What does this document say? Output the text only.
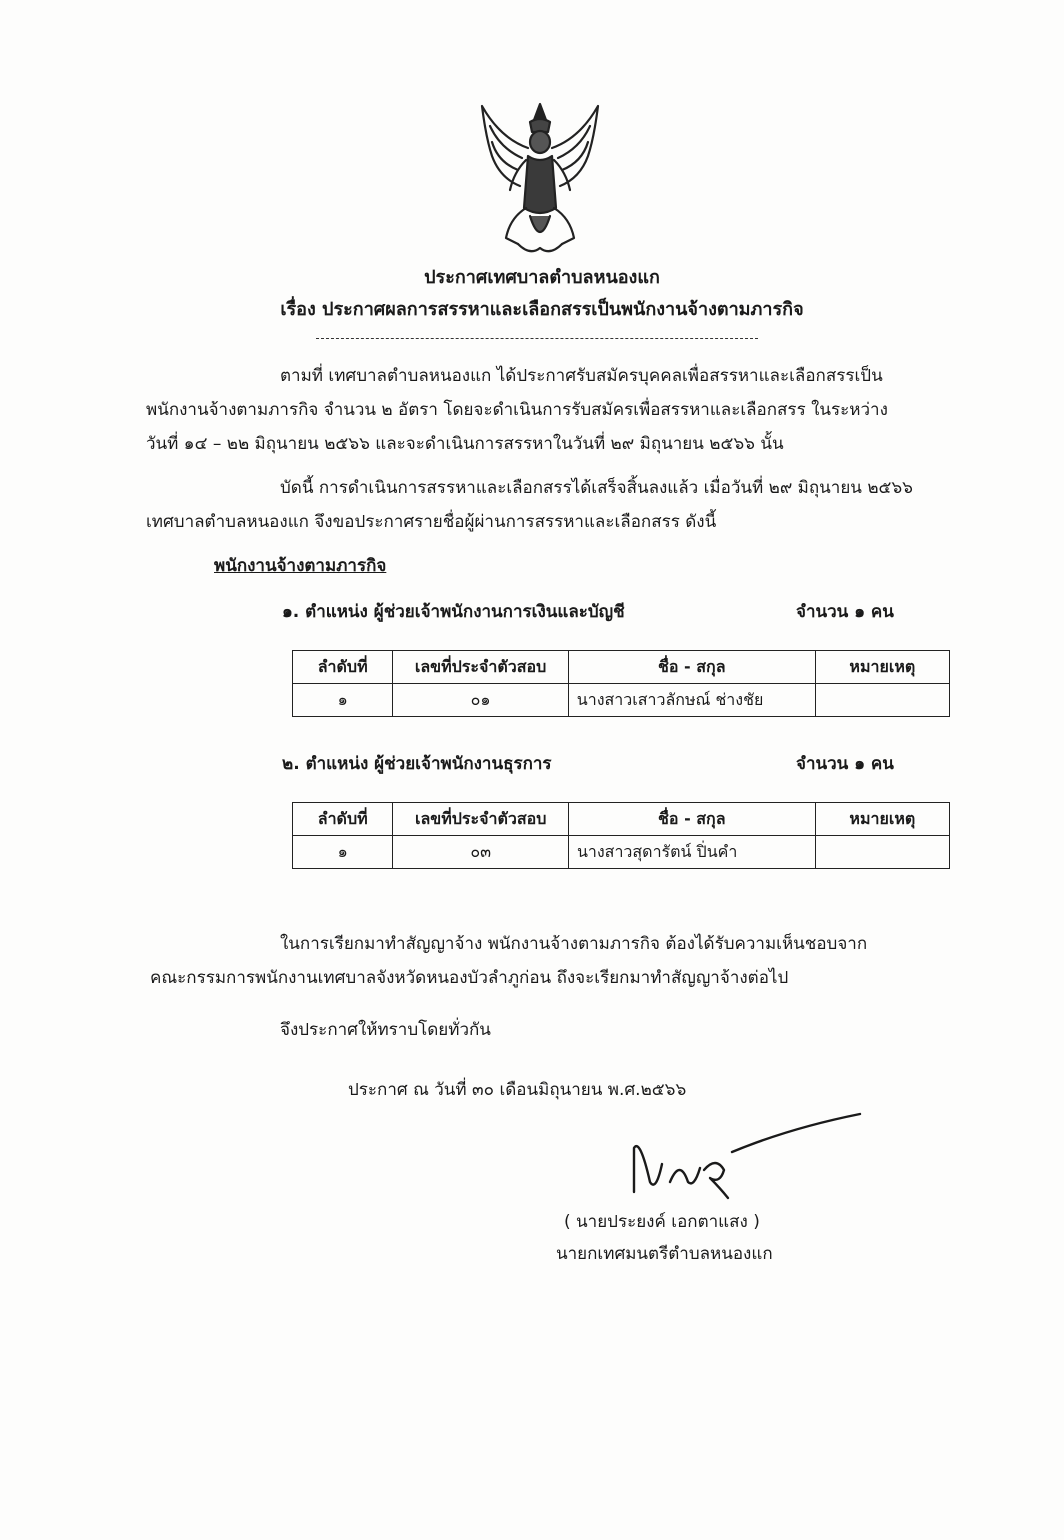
ประกาศเทศบาลตำบลหนองแก
เรื่อง ประกาศผลการสรรหาและเลือกสรรเป็นพนักงานจ้างตามภารกิจ
ตามที่ เทศบาลตำบลหนองแก ได้ประกาศรับสมัครบุคคลเพื่อสรรหาและเลือกสรรเป็น
พนักงานจ้างตามภารกิจ จำนวน ๒ อัตรา โดยจะดำเนินการรับสมัครเพื่อสรรหาและเลือกสรร ในระหว่าง
วันที่ ๑๔ – ๒๒ มิถุนายน ๒๕๖๖ และจะดำเนินการสรรหาในวันที่ ๒๙ มิถุนายน ๒๕๖๖ นั้น
บัดนี้ การดำเนินการสรรหาและเลือกสรรได้เสร็จสิ้นลงแล้ว เมื่อวันที่ ๒๙ มิถุนายน ๒๕๖๖
เทศบาลตำบลหนองแก จึงขอประกาศรายชื่อผู้ผ่านการสรรหาและเลือกสรร ดังนี้
พนักงานจ้างตามภารกิจ
๑. ตำแหน่ง ผู้ช่วยเจ้าพนักงานการเงินและบัญชี	จำนวน ๑ คน
ลำดับที่	เลขที่ประจำตัวสอบ	ชื่อ - สกุล	หมายเหตุ
๑	๐๑	นางสาวเสาวลักษณ์ ช่างชัย	
๒. ตำแหน่ง ผู้ช่วยเจ้าพนักงานธุรการ	จำนวน ๑ คน
ลำดับที่	เลขที่ประจำตัวสอบ	ชื่อ - สกุล	หมายเหตุ
๑	๐๓	นางสาวสุดารัตน์ ปิ่นคำ	
ในการเรียกมาทำสัญญาจ้าง พนักงานจ้างตามภารกิจ ต้องได้รับความเห็นชอบจาก
คณะกรรมการพนักงานเทศบาลจังหวัดหนองบัวลำภูก่อน ถึงจะเรียกมาทำสัญญาจ้างต่อไป
จึงประกาศให้ทราบโดยทั่วกัน
ประกาศ ณ วันที่ ๓๐ เดือนมิถุนายน พ.ศ.๒๕๖๖
( นายประยงค์ เอกตาแสง )
นายกเทศมนตรีตำบลหนองแก
